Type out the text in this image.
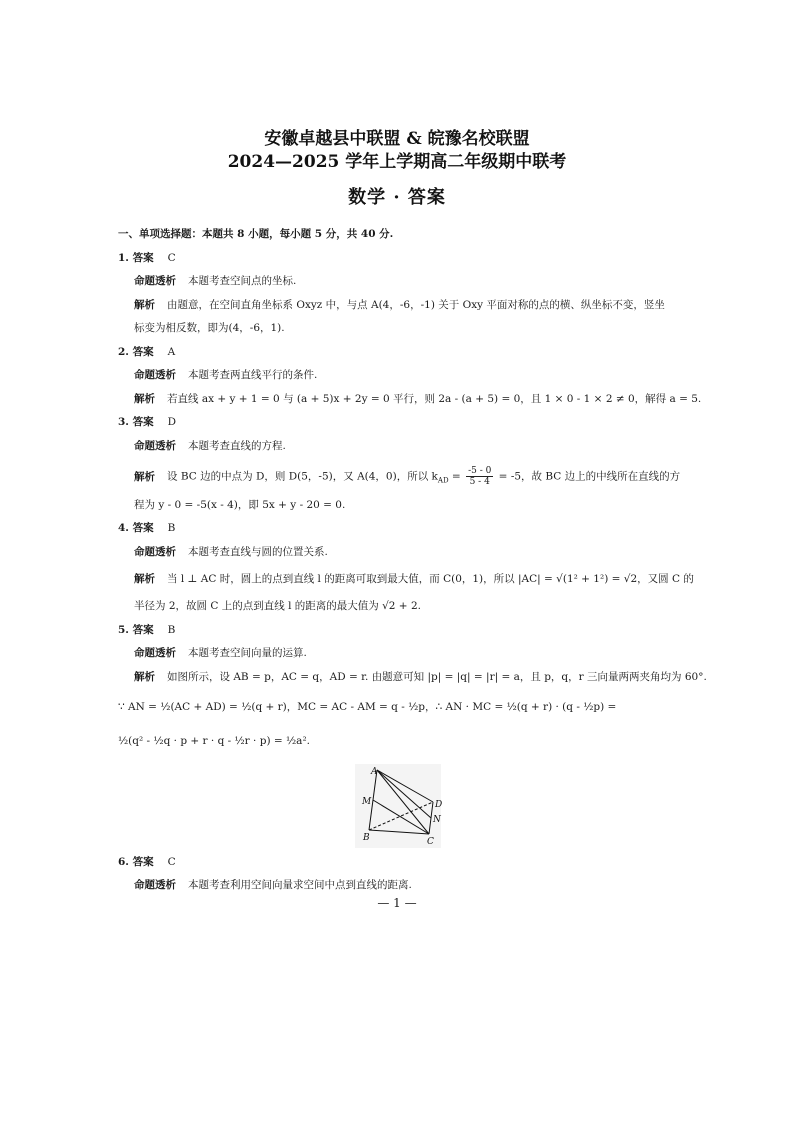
安徽卓越县中联盟 & 皖豫名校联盟
2024—2025 学年上学期高二年级期中联考
数学 · 答案
一、单项选择题：本题共 8 小题，每小题 5 分，共 40 分.
1. 答案 C
命题透析 本题考查空间点的坐标.
解析 由题意，在空间直角坐标系 Oxyz 中，与点 A(4，-6，-1) 关于 Oxy 平面对称的点的横、纵坐标不变，竖坐
标变为相反数，即为(4，-6，1).
2. 答案 A
命题透析 本题考查两直线平行的条件.
解析 若直线 ax + y + 1 = 0 与 (a + 5)x + 2y = 0 平行，则 2a - (a + 5) = 0，且 1 × 0 - 1 × 2 ≠ 0，解得 a = 5.
3. 答案 D
命题透析 本题考查直线的方程.
解析 设 BC 边的中点为 D，则 D(5，-5)，又 A(4，0)，所以 $k_{AD} = \frac{-5 - 0}{5 - 4} = -5$，故 BC 边上的中线所在直线的方
程为 y - 0 = -5(x - 4)，即 5x + y - 20 = 0.
4. 答案 B
命题透析 本题考查直线与圆的位置关系.
解析 当 l ⊥ AC 时，圆上的点到直线 l 的距离可取到最大值，而 C(0，1)，所以 |AC| = √(1² + 1²) = √2，又圆 C 的
半径为 2，故圆 C 上的点到直线 l 的距离的最大值为 √2 + 2.
5. 答案 B
命题透析 本题考查空间向量的运算.
解析 如图所示，设 AB = p，AC = q，AD = r. 由题意可知 |p| = |q| = |r| = a，且 p，q，r 三向量两两夹角均为 60°.
∵ AN = ½(AC + AD) = ½(q + r)，MC = AC - AM = q - ½p，∴ AN · MC = ½(q + r) · (q - ½p) =
½(q² - ½q · p + r · q - ½r · p) = ½a².
A
M	D
N
B	C
6. 答案 C
命题透析 本题考查利用空间向量求空间中点到直线的距离.
— 1 —
